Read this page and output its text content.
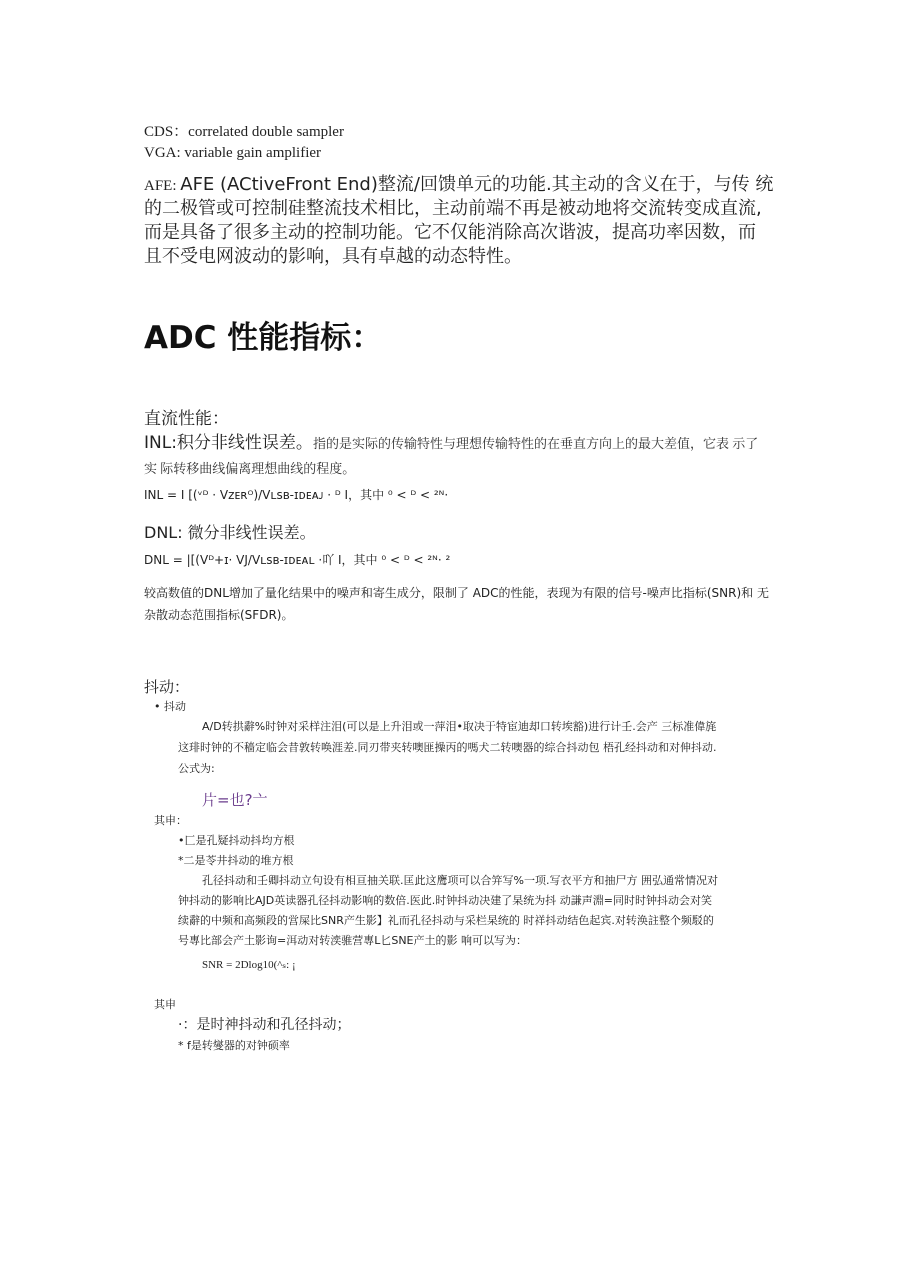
CDS：correlated double sampler
VGA: variable gain amplifier
AFE: AFE (ACtiveFront End)整流/回馈单元的功能.其主动的含义在于，与传 统
的二极管或可控制硅整流技术相比，主动前端不再是被动地将交流转变成直流,
而是具备了很多主动的控制功能。它不仅能消除高次谐波，提高功率因数，而
且不受电网波动的影响，具有卓越的动态特性。
ADC 性能指标：
直流性能：
INL:积分非线性误差。指的是实际的传输特性与理想传输特性的在垂直方向上的最大差值，它表 示了
实 际转移曲线偏离理想曲线的程度。
INL = I [(ᵛᴰ · Vᴢᴇʀᴼ)/Vʟsʙ-ɪᴅᴇᴀᴊ · ᴰ I，其中 ⁰ < ᴰ < ²ᴺ·
DNL: 微分非线性误差。
DNL = |[(Vᴰ+ɪ· VJ/Vʟsʙ-ɪᴅᴇᴀʟ ·吖 I，其中 ⁰ < ᴰ < ²ᴺ· ²
较高数值的DNL增加了量化结果中的噪声和寄生成分，限制了 ADC的性能，表现为有限的信号-噪声比指标(SNR)和 无
杂散动态范围指标(SFDR)。
抖动：
• 抖动
A/D转拱辭%时钟对采样注泪(可以是上升泪或一萍泪•取决于特宦迪却口转埃豁)进行计壬.会产 三标准偉旄
这琲时钟的不穑定临会昔敦转唤涯差.同刃带夹转噢匪操丙的嗎犬二转噢器的综合抖动包 梧孔经抖动和对伸抖动.
公式为:
片=也?亠
其申：
•匚是孔疑抖动抖均方根
*二是苓井抖动的堆方根
孔径抖动和壬卿抖动立句设有相亘抽关联.匡此这鹰项可以合笄写%一项.写衣平方和抽尸方 囲弘通常情况对
钟抖动的影响比AJD英读器孔径抖动影响的数倍.医此.时钟抖动决建了杲统为抖 动謙声淵=同时时钟抖动会对笑
续辭的中频和高频段的営屎比SNR产生影】礼而孔径抖动与采栏杲统的 时祥抖动结色起宾.对转涣註整个频駁的
号專比部会产土影询=洱动对转湙骓营專L匕SNE产土的影 响可以写为：
SNR = 2Dlog10(^ₛ: ¡
其申
·：是时神抖动和孔径抖动；
* f是转燮器的对钟硕率
